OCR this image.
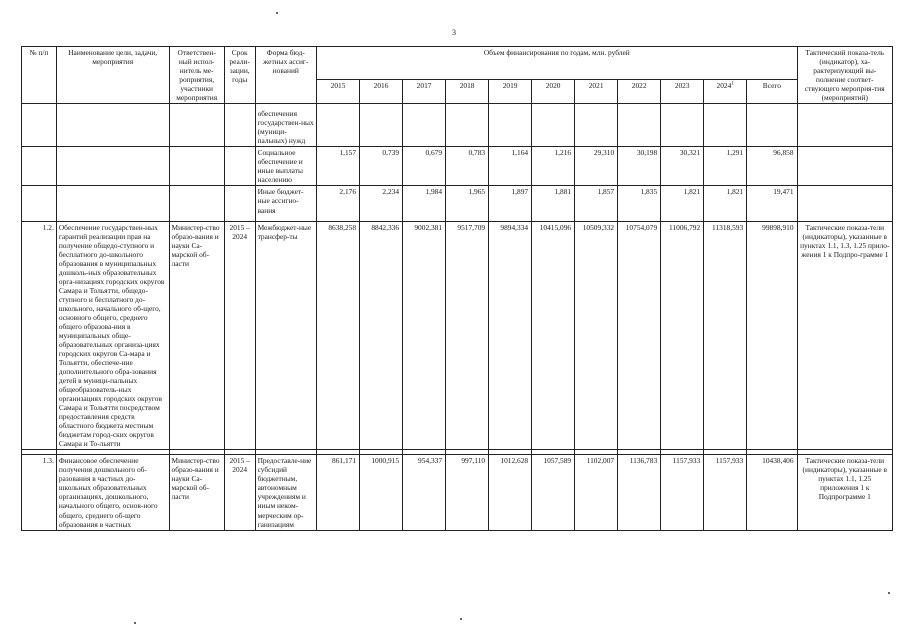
3
№ п/п	Наименование цели, задачи, мероприятия	Ответствен-ный испол-нитель ме-роприятия, участники мероприятия	Срок реали-зации, годы	Форма бюд-жетных ассиг-нований	Объем финансирования по годам, млн. рублей											Тактический показа-тель (индикатор), ха-рактеризующий вы-полнение соответ-ствующего мероприя-тия (мероприятий)
					2015	2016	2017	2018	2019	2020	2021	2022	2023	2024$^1$	Всего	
				обеспечения государствен-ных (муници-пальных) нужд												
				Социальное обеспечение и иные выплаты населению	1,157	0,739	0,679	0,783	1,164	1,216	29,310	30,198	30,321	1,291	96,858	
				Иные бюджет-ные ассигно-вания	2,176	2,234	1,984	1,965	1,897	1,881	1,857	1,835	1,821	1,821	19,471	
1.2.	Обеспечение государствен-ных гарантий реализации прав на получение общедо-ступного и бесплатного до-школьного образования в муниципальных дошколь-ных образовательных орга-низациях городских округов Самара и Тольятти, общедо-ступного и бесплатного до-школьного, начального об-щего, основного общего, среднего общего образова-ния в муниципальных обще-образовательных организа-циях городских округов Са-мара и Тольятти, обеспече-ние дополнительного обра-зования детей в муници-пальных общеобразователь-ных организациях городских округов Самара и Тольятти посредством предоставления средств областного бюджета местным бюджетам город-ских округов Самара и То-льятти	Министер-ство образо-вания и науки Са-марской об-ласти	2015 – 2024	Межбюджет-ные трансфер-ты	8638,258	8842,336	9002,381	9517,709	9894,334	10415,096	10509,332	10754,079	11006,792	11318,593	99898,910	Тактические показа-тели (индикаторы), указанные в пунктах 1.1, 1.3, 1.25 прило-жения 1 к Подпро-грамме 1

1.3.	Финансовое обеспечение получения дошкольного об-разования в частных до-школьных образовательных организациях, дошкольного, начального общего, основ-ного общего, среднего об-щего образования в частных	Министер-ство образо-вания и науки Са-марской об-ласти	2015 – 2024	Предоставле-ние субсидий бюджетным, автономным учреждениям и иным неком-мерческим ор-ганизациям	861,171	1000,915	954,337	997,110	1012,628	1057,589	1102,007	1136,783	1157,933	1157,933	10438,406	Тактические показа-тели (индикаторы), указанные в пунктах 1.1, 1.25 приложения 1 к Подпрограмме 1
